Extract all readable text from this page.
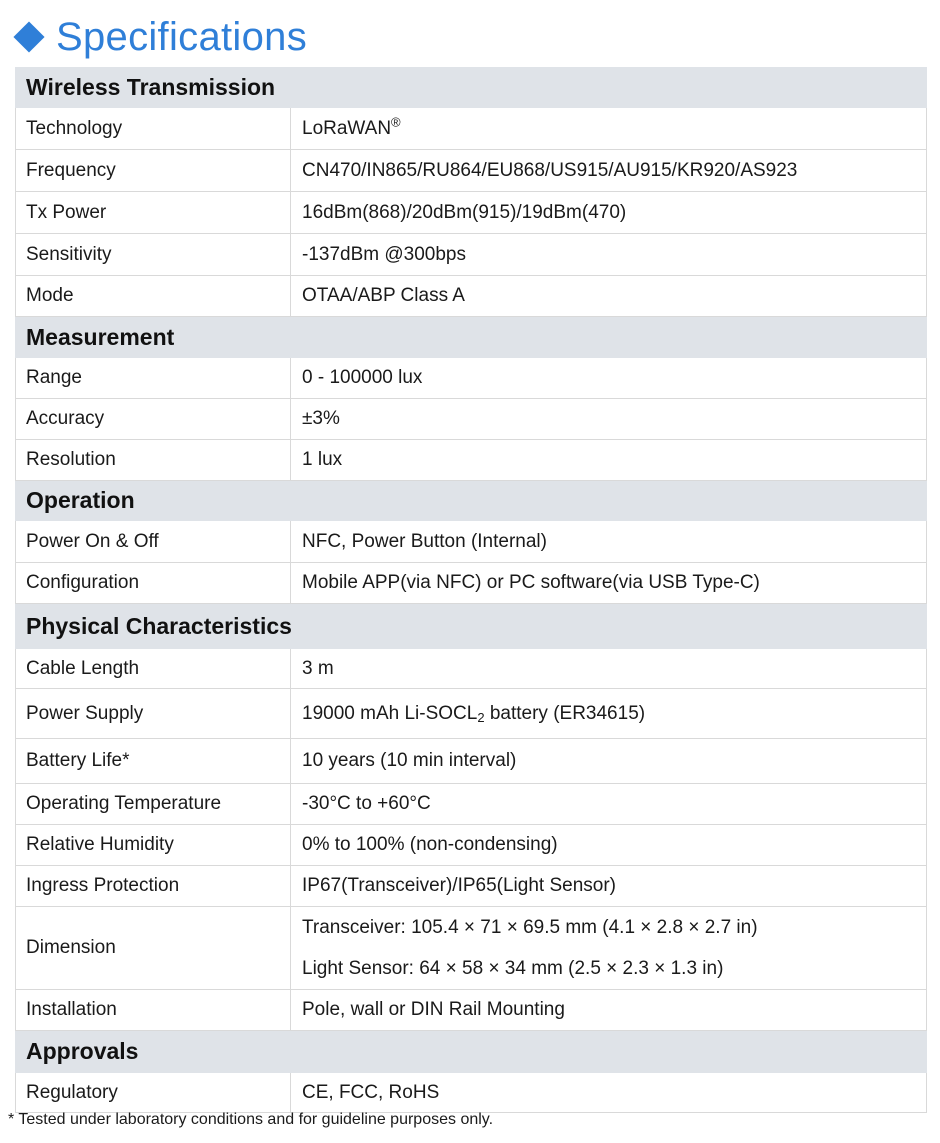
Specifications
Wireless Transmission	
Technology	LoRaWAN®
Frequency	CN470/IN865/RU864/EU868/US915/AU915/KR920/AS923
Tx Power	16dBm(868)/20dBm(915)/19dBm(470)
Sensitivity	-137dBm @300bps
Mode	OTAA/ABP Class A
Measurement	
Range	0 - 100000 lux
Accuracy	±3%
Resolution	1 lux
Operation	
Power On & Off	NFC, Power Button (Internal)
Configuration	Mobile APP(via NFC) or PC software(via USB Type-C)
Physical Characteristics	
Cable Length	3 m
Power Supply	19000 mAh Li-SOCL2 battery (ER34615)
Battery Life*	10 years (10 min interval)
Operating Temperature	-30°C to +60°C
Relative Humidity	0% to 100% (non-condensing)
Ingress Protection	IP67(Transceiver)/IP65(Light Sensor)
Dimension	Transceiver: 105.4 × 71 × 69.5 mm (4.1 × 2.8 × 2.7 in)
Light Sensor: 64 × 58 × 34 mm (2.5 × 2.3 × 1.3 in)

Installation	Pole, wall or DIN Rail Mounting
Approvals	
Regulatory	CE, FCC, RoHS
* Tested under laboratory conditions and for guideline purposes only.
